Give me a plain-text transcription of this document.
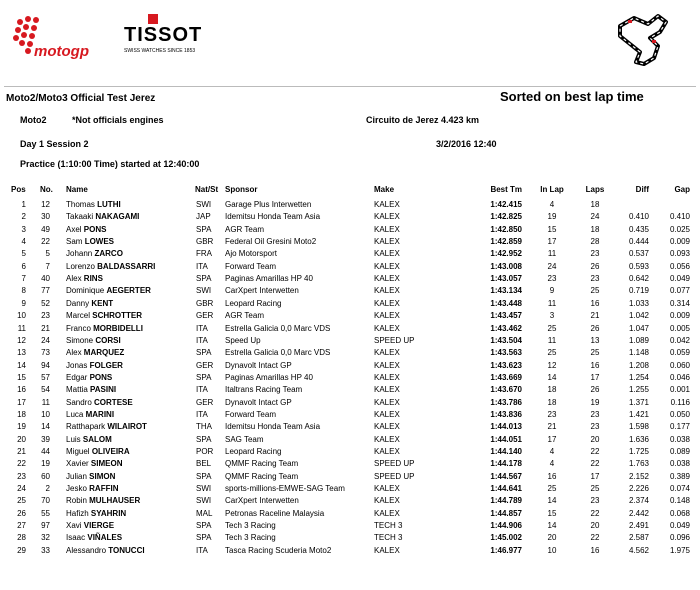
motogp
TISSOT
SWISS WATCHES SINCE 1853
Moto2/Moto3 Official Test Jerez	Sorted on best lap time
Moto2	*Not officials engines	Circuito de Jerez 4.423 km
Day 1 Session 2	3/2/2016 12:40
Practice (1:10:00 Time) started at 12:40:00
Pos No. Name	Nat/St Sponsor	Make	Best Tm	In Lap	Laps	Diff	Gap
1	12 Thomas LUTHI	SWI Garage Plus Interwetten	KALEX	1:42.415	4	18
2	30 Takaaki NAKAGAMI	JAP Idemitsu Honda Team Asia	KALEX	1:42.825	19	24	0.410	0.410
3	49 Axel PONS	SPA AGR Team	KALEX	1:42.850	15	18	0.435	0.025
4	22 Sam LOWES	GBR Federal Oil Gresini Moto2	KALEX	1:42.859	17	28	0.444	0.009
5	5 Johann ZARCO	FRA Ajo Motorsport	KALEX	1:42.952	11	23	0.537	0.093
6	7 Lorenzo BALDASSARRI	ITA Forward Team	KALEX	1:43.008	24	26	0.593	0.056
7	40 Alex RINS	SPA Paginas Amarillas HP 40	KALEX	1:43.057	23	23	0.642	0.049
8	77 Dominique AEGERTER	SWI CarXpert Interwetten	KALEX	1:43.134	9	25	0.719	0.077
9	52 Danny KENT	GBR Leopard Racing	KALEX	1:43.448	11	16	1.033	0.314
10	23 Marcel SCHROTTER	GER AGR Team	KALEX	1:43.457	3	21	1.042	0.009
11	21 Franco MORBIDELLI	ITA Estrella Galicia 0,0 Marc VDS	KALEX	1:43.462	25	26	1.047	0.005
12	24 Simone CORSI	ITA Speed Up	SPEED UP	1:43.504	11	13	1.089	0.042
13	73 Alex MARQUEZ	SPA Estrella Galicia 0,0 Marc VDS	KALEX	1:43.563	25	25	1.148	0.059
14	94 Jonas FOLGER	GER Dynavolt Intact GP	KALEX	1:43.623	12	16	1.208	0.060
15	57 Edgar PONS	SPA Paginas Amarillas HP 40	KALEX	1:43.669	14	17	1.254	0.046
16	54 Mattia PASINI	ITA Italtrans Racing Team	KALEX	1:43.670	18	26	1.255	0.001
17	11 Sandro CORTESE	GER Dynavolt Intact GP	KALEX	1:43.786	18	19	1.371	0.116
18	10 Luca MARINI	ITA Forward Team	KALEX	1:43.836	23	23	1.421	0.050
19	14 Ratthapark WILAIROT	THA Idemitsu Honda Team Asia	KALEX	1:44.013	21	23	1.598	0.177
20	39 Luis SALOM	SPA SAG Team	KALEX	1:44.051	17	20	1.636	0.038
21	44 Miguel OLIVEIRA	POR Leopard Racing	KALEX	1:44.140	4	22	1.725	0.089
22	19 Xavier SIMEON	BEL QMMF Racing Team	SPEED UP	1:44.178	4	22	1.763	0.038
23	60 Julian SIMON	SPA QMMF Racing Team	SPEED UP	1:44.567	16	17	2.152	0.389
24	2 Jesko RAFFIN	SWI sports-millions-EMWE-SAG Team	KALEX	1:44.641	25	25	2.226	0.074
25	70 Robin MULHAUSER	SWI CarXpert Interwetten	KALEX	1:44.789	14	23	2.374	0.148
26	55 Hafizh SYAHRIN	MAL Petronas Raceline Malaysia	KALEX	1:44.857	15	22	2.442	0.068
27	97 Xavi VIERGE	SPA Tech 3 Racing	TECH 3	1:44.906	14	20	2.491	0.049
28	32 Isaac VIÑALES	SPA Tech 3 Racing	TECH 3	1:45.002	20	22	2.587	0.096
29	33 Alessandro TONUCCI	ITA Tasca Racing Scuderia Moto2	KALEX	1:46.977	10	16	4.562	1.975
